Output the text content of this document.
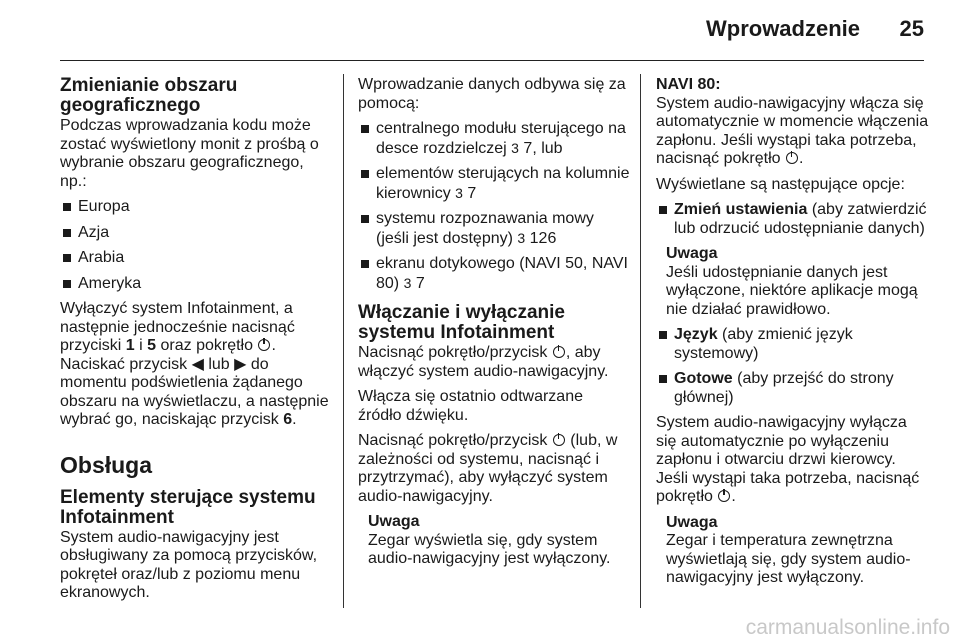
Wprowadzenie	25
Zmienianie obszaru geograficznego

Podczas wprowadzania kodu może zostać wyświetlony monit z prośbą o wybranie obszaru geograficznego, np.:

Europa
Azja
Arabia
Ameryka

Wyłączyć system Infotainment, a następnie jednocześnie nacisnąć przyciski 1 i 5 oraz pokrętło . Naciskać przycisk ◀ lub ▶ do momentu podświetlenia żądanego obszaru na wyświetlaczu, a następnie wybrać go, naciskając przycisk 6.

Obsługa
Elementy sterujące systemu Infotainment

System audio-nawigacyjny jest obsługiwany za pomocą przycisków, pokręteł oraz/lub z poziomu menu ekranowych.

Wprowadzanie danych odbywa się za pomocą:

centralnego modułu sterującego na desce rozdzielczej 3 7, lub
elementów sterujących na kolumnie kierownicy 3 7
systemu rozpoznawania mowy (jeśli jest dostępny) 3 126
ekranu dotykowego (NAVI 50, NAVI 80) 3 7
Włączanie i wyłączanie systemu Infotainment

Nacisnąć pokrętło/przycisk , aby włączyć system audio-nawigacyjny.

Włącza się ostatnio odtwarzane źródło dźwięku.

Nacisnąć pokrętło/przycisk  (lub, w zależności od systemu, nacisnąć i przytrzymać), aby wyłączyć system audio-nawigacyjny.

Uwaga
Zegar wyświetla się, gdy system audio-nawigacyjny jest wyłączony.
NAVI 80:

System audio-nawigacyjny włącza się automatycznie w momencie włączenia zapłonu. Jeśli wystąpi taka potrzeba, nacisnąć pokrętło .

Wyświetlane są następujące opcje:

Zmień ustawienia (aby zatwierdzić lub odrzucić udostępnianie danych)
Uwaga
Jeśli udostępnianie danych jest wyłączone, niektóre aplikacje mogą nie działać prawidłowo.
Język (aby zmienić język systemowy)
Gotowe (aby przejść do strony głównej)

System audio-nawigacyjny wyłącza się automatycznie po wyłączeniu zapłonu i otwarciu drzwi kierowcy. Jeśli wystąpi taka potrzeba, nacisnąć pokrętło .

Uwaga
Zegar i temperatura zewnętrzna wyświetlają się, gdy system audio-nawigacyjny jest wyłączony.
carmanualsonline.info
